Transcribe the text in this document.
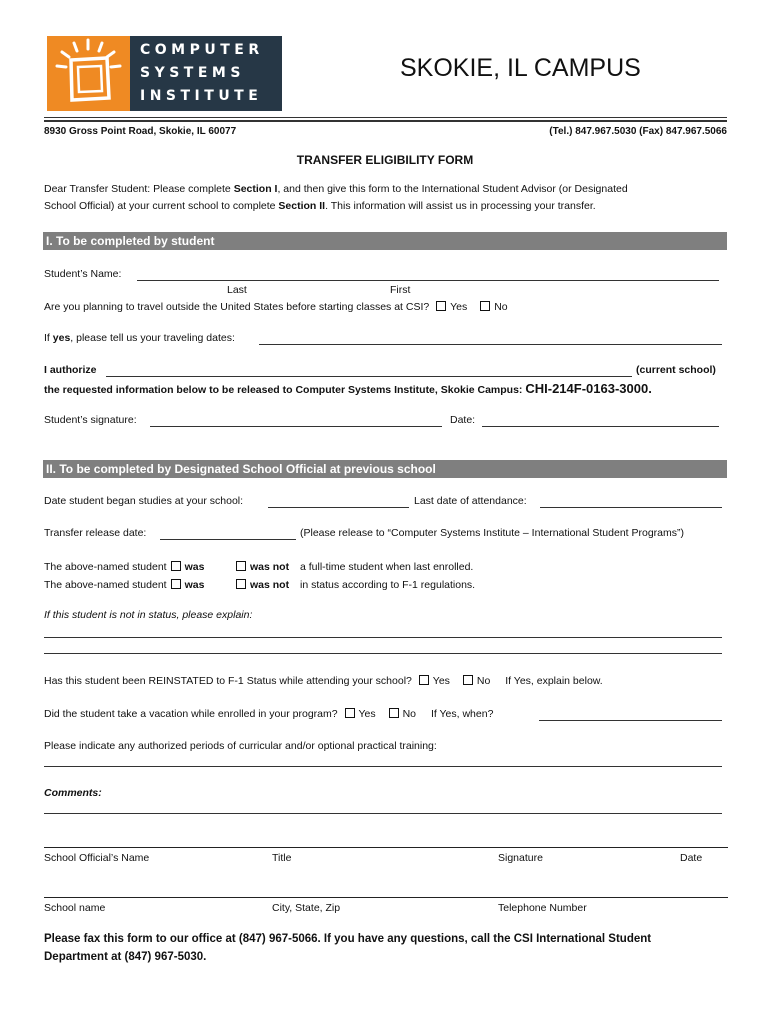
COMPUTER
SYSTEMS
INSTITUTE
SKOKIE, IL CAMPUS
8930 Gross Point Road, Skokie, IL 60077	(Tel.) 847.967.5030 (Fax) 847.967.5066
TRANSFER ELIGIBILITY FORM
Dear Transfer Student: Please complete Section I, and then give this form to the International Student Advisor (or Designated
School Official) at your current school to complete Section II. This information will assist us in processing your transfer.
I. To be completed by student
Student’s Name:
Last	First
Are you planning to travel outside the United States before starting classes at CSI? Yes	No
If yes, please tell us your traveling dates:
I authorize	(current school)
the requested information below to be released to Computer Systems Institute, Skokie Campus: CHI-214F-0163-3000.
Student’s signature:	Date:
II. To be completed by Designated School Official at previous school
Date student began studies at your school:	Last date of attendance:
Transfer release date:	(Please release to “Computer Systems Institute – International Student Programs”)
The above-named student was	was not a full-time student when last enrolled.
The above-named student was	was not in status according to F-1 regulations.
If this student is not in status, please explain:
Has this student been REINSTATED to F-1 Status while attending your school? Yes	No If Yes, explain below.
Did the student take a vacation while enrolled in your program? Yes	No If Yes, when?
Please indicate any authorized periods of curricular and/or optional practical training:
Comments:
School Official’s Name	Title	Signature	Date
School name	City, State, Zip	Telephone Number
Please fax this form to our office at (847) 967-5066. If you have any questions, call the CSI International Student
Department at (847) 967-5030.
